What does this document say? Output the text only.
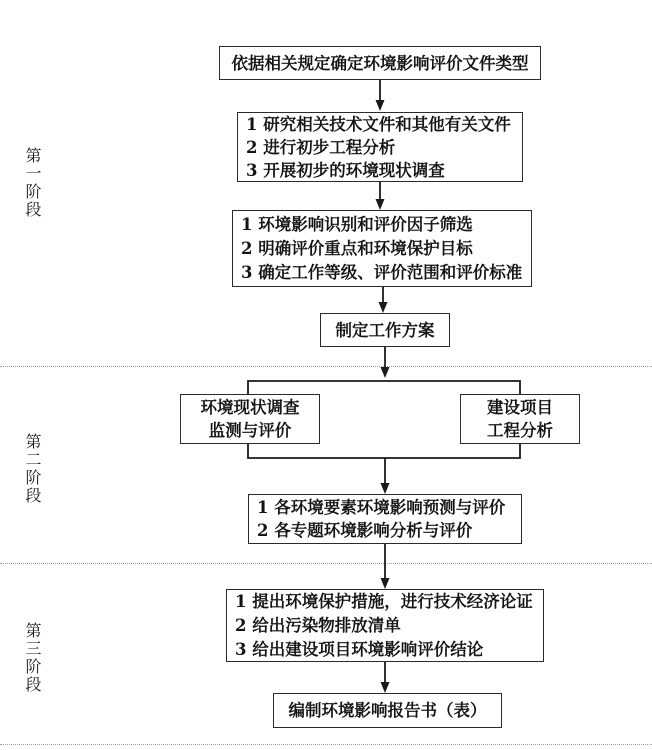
第一阶段
第二阶段
第三阶段
依据相关规定确定环境影响评价文件类型
1 研究相关技术文件和其他有关文件
2 进行初步工程分析
3 开展初步的环境现状调查
1 环境影响识别和评价因子筛选
2 明确评价重点和环境保护目标
3 确定工作等级、评价范围和评价标准
制定工作方案
环境现状调查
监测与评价
建设项目
工程分析
1 各环境要素环境影响预测与评价
2 各专题环境影响分析与评价
1 提出环境保护措施，进行技术经济论证
2 给出污染物排放清单
3 给出建设项目环境影响评价结论
编制环境影响报告书（表）
